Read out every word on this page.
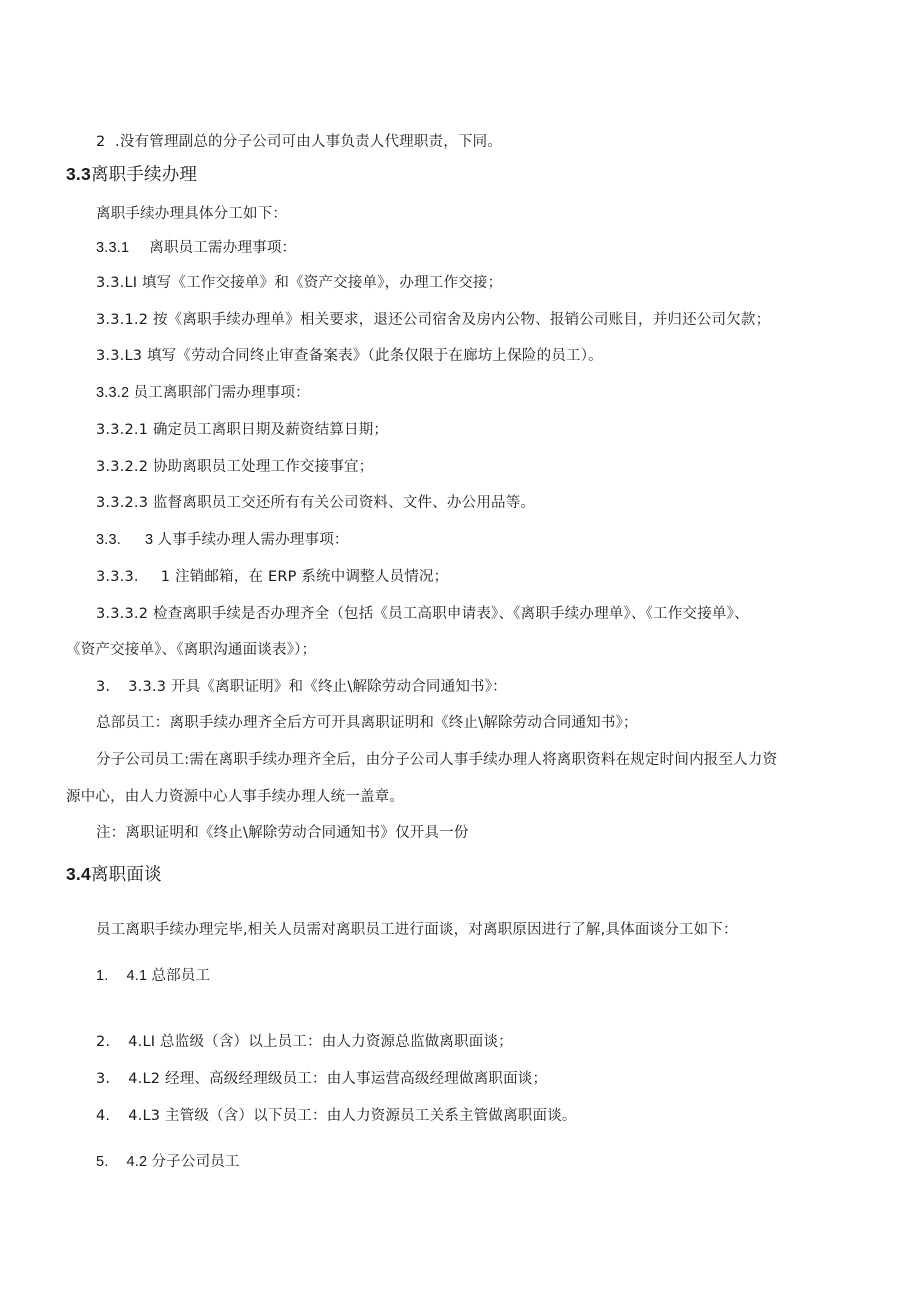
2  .没有管理副总的分子公司可由人事负责人代理职责，下同。
3.3离职手续办理
离职手续办理具体分工如下：
3.3.1 离职员工需办理事项：
3.3.LI 填写《工作交接单》和《资产交接单》，办理工作交接；
3.3.1.2 按《离职手续办理单》相关要求，退还公司宿舍及房内公物、报销公司账目，并归还公司欠款；
3.3.L3 填写《劳动合同终止审查备案表》（此条仅限于在廊坊上保险的员工）。
3.3.2 员工离职部门需办理事项：
3.3.2.1 确定员工离职日期及薪资结算日期；
3.3.2.2 协助离职员工处理工作交接事宜；
3.3.2.3 监督离职员工交还所有有关公司资料、文件、办公用品等。
3.3. 3 人事手续办理人需办理事项：
3.3.3. 1 注销邮箱，在 ERP 系统中调整人员情况；
3.3.3.2 检查离职手续是否办理齐全（包括《员工高职申请表》、《离职手续办理单》、《工作交接单》、
《资产交接单》、《离职沟通面谈表》）；
3. 3.3.3 开具《离职证明》和《终止\解除劳动合同通知书》：
总部员工：离职手续办理齐全后方可开具离职证明和《终止\解除劳动合同通知书》；
分子公司员工:需在离职手续办理齐全后，由分子公司人事手续办理人将离职资料在规定时间内报至人力资
源中心，由人力资源中心人事手续办理人统一盖章。
注：离职证明和《终止\解除劳动合同通知书》仅开具一份
3.4离职面谈
员工离职手续办理完毕,相关人员需对离职员工进行面谈，对离职原因进行了解,具体面谈分工如下：
1. 4.1 总部员工
2. 4.LI 总监级（含）以上员工：由人力资源总监做离职面谈；
3. 4.L2 经理、高级经理级员工：由人事运营高级经理做离职面谈；
4. 4.L3 主管级（含）以下员工：由人力资源员工关系主管做离职面谈。
5. 4.2 分子公司员工
